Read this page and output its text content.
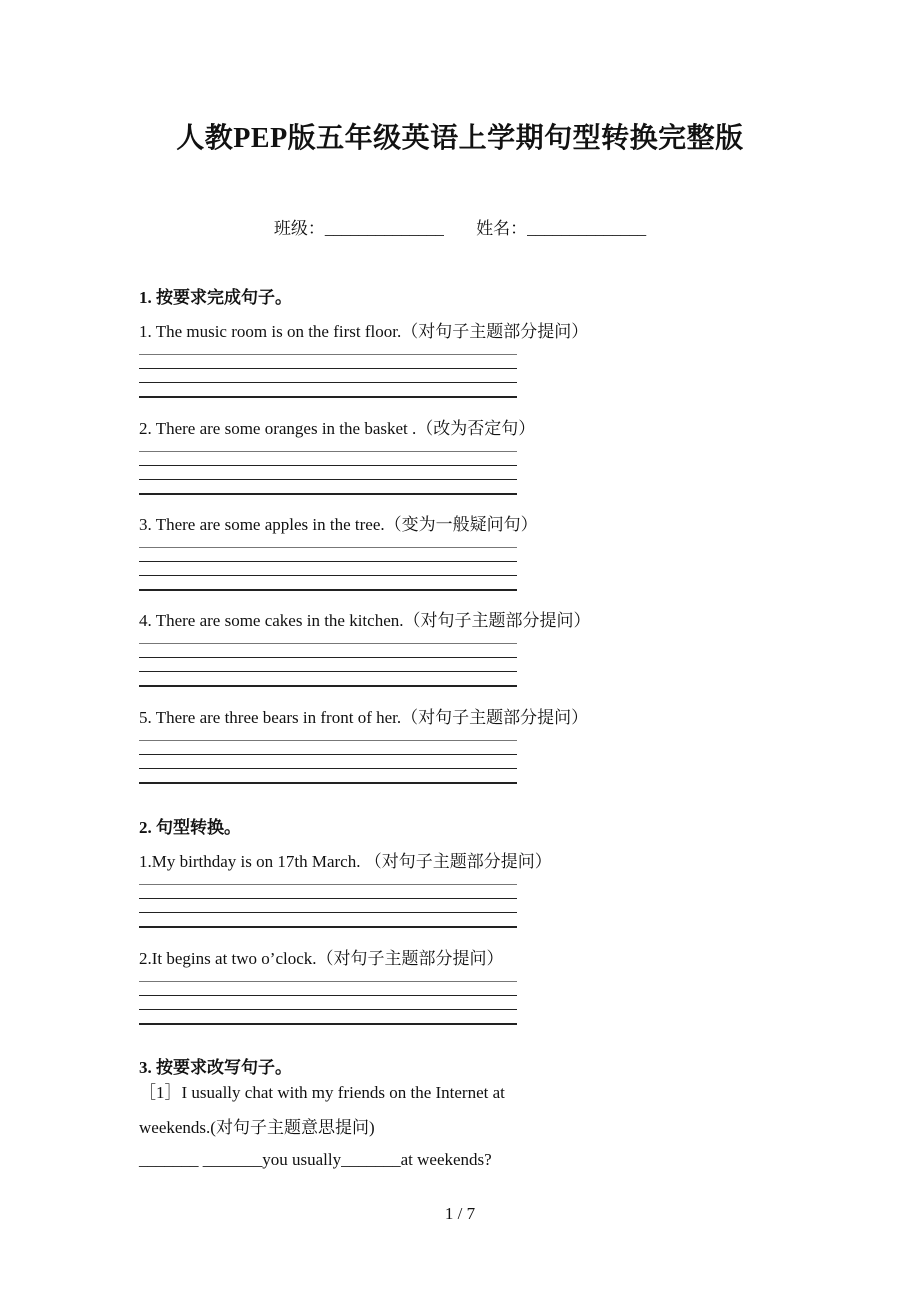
人教PEP版五年级英语上学期句型转换完整版
班级：______________ 姓名：______________
1. 按要求完成句子。
1. The music room is on the first floor.（对句子主题部分提问）
2. There are some oranges in the basket .（改为否定句）
3. There are some apples in the tree.（变为一般疑问句）
4. There are some cakes in the kitchen.（对句子主题部分提问）
5. There are three bears in front of her.（对句子主题部分提问）
2. 句型转换。
1.My birthday is on 17th March. （对句子主题部分提问）
2.It begins at two o’clock.（对句子主题部分提问）
3. 按要求改写句子。
［1］I usually chat with my friends on the Internet at
weekends.(对句子主题意思提问)
_______ _______you usually_______at weekends?
1 / 7
